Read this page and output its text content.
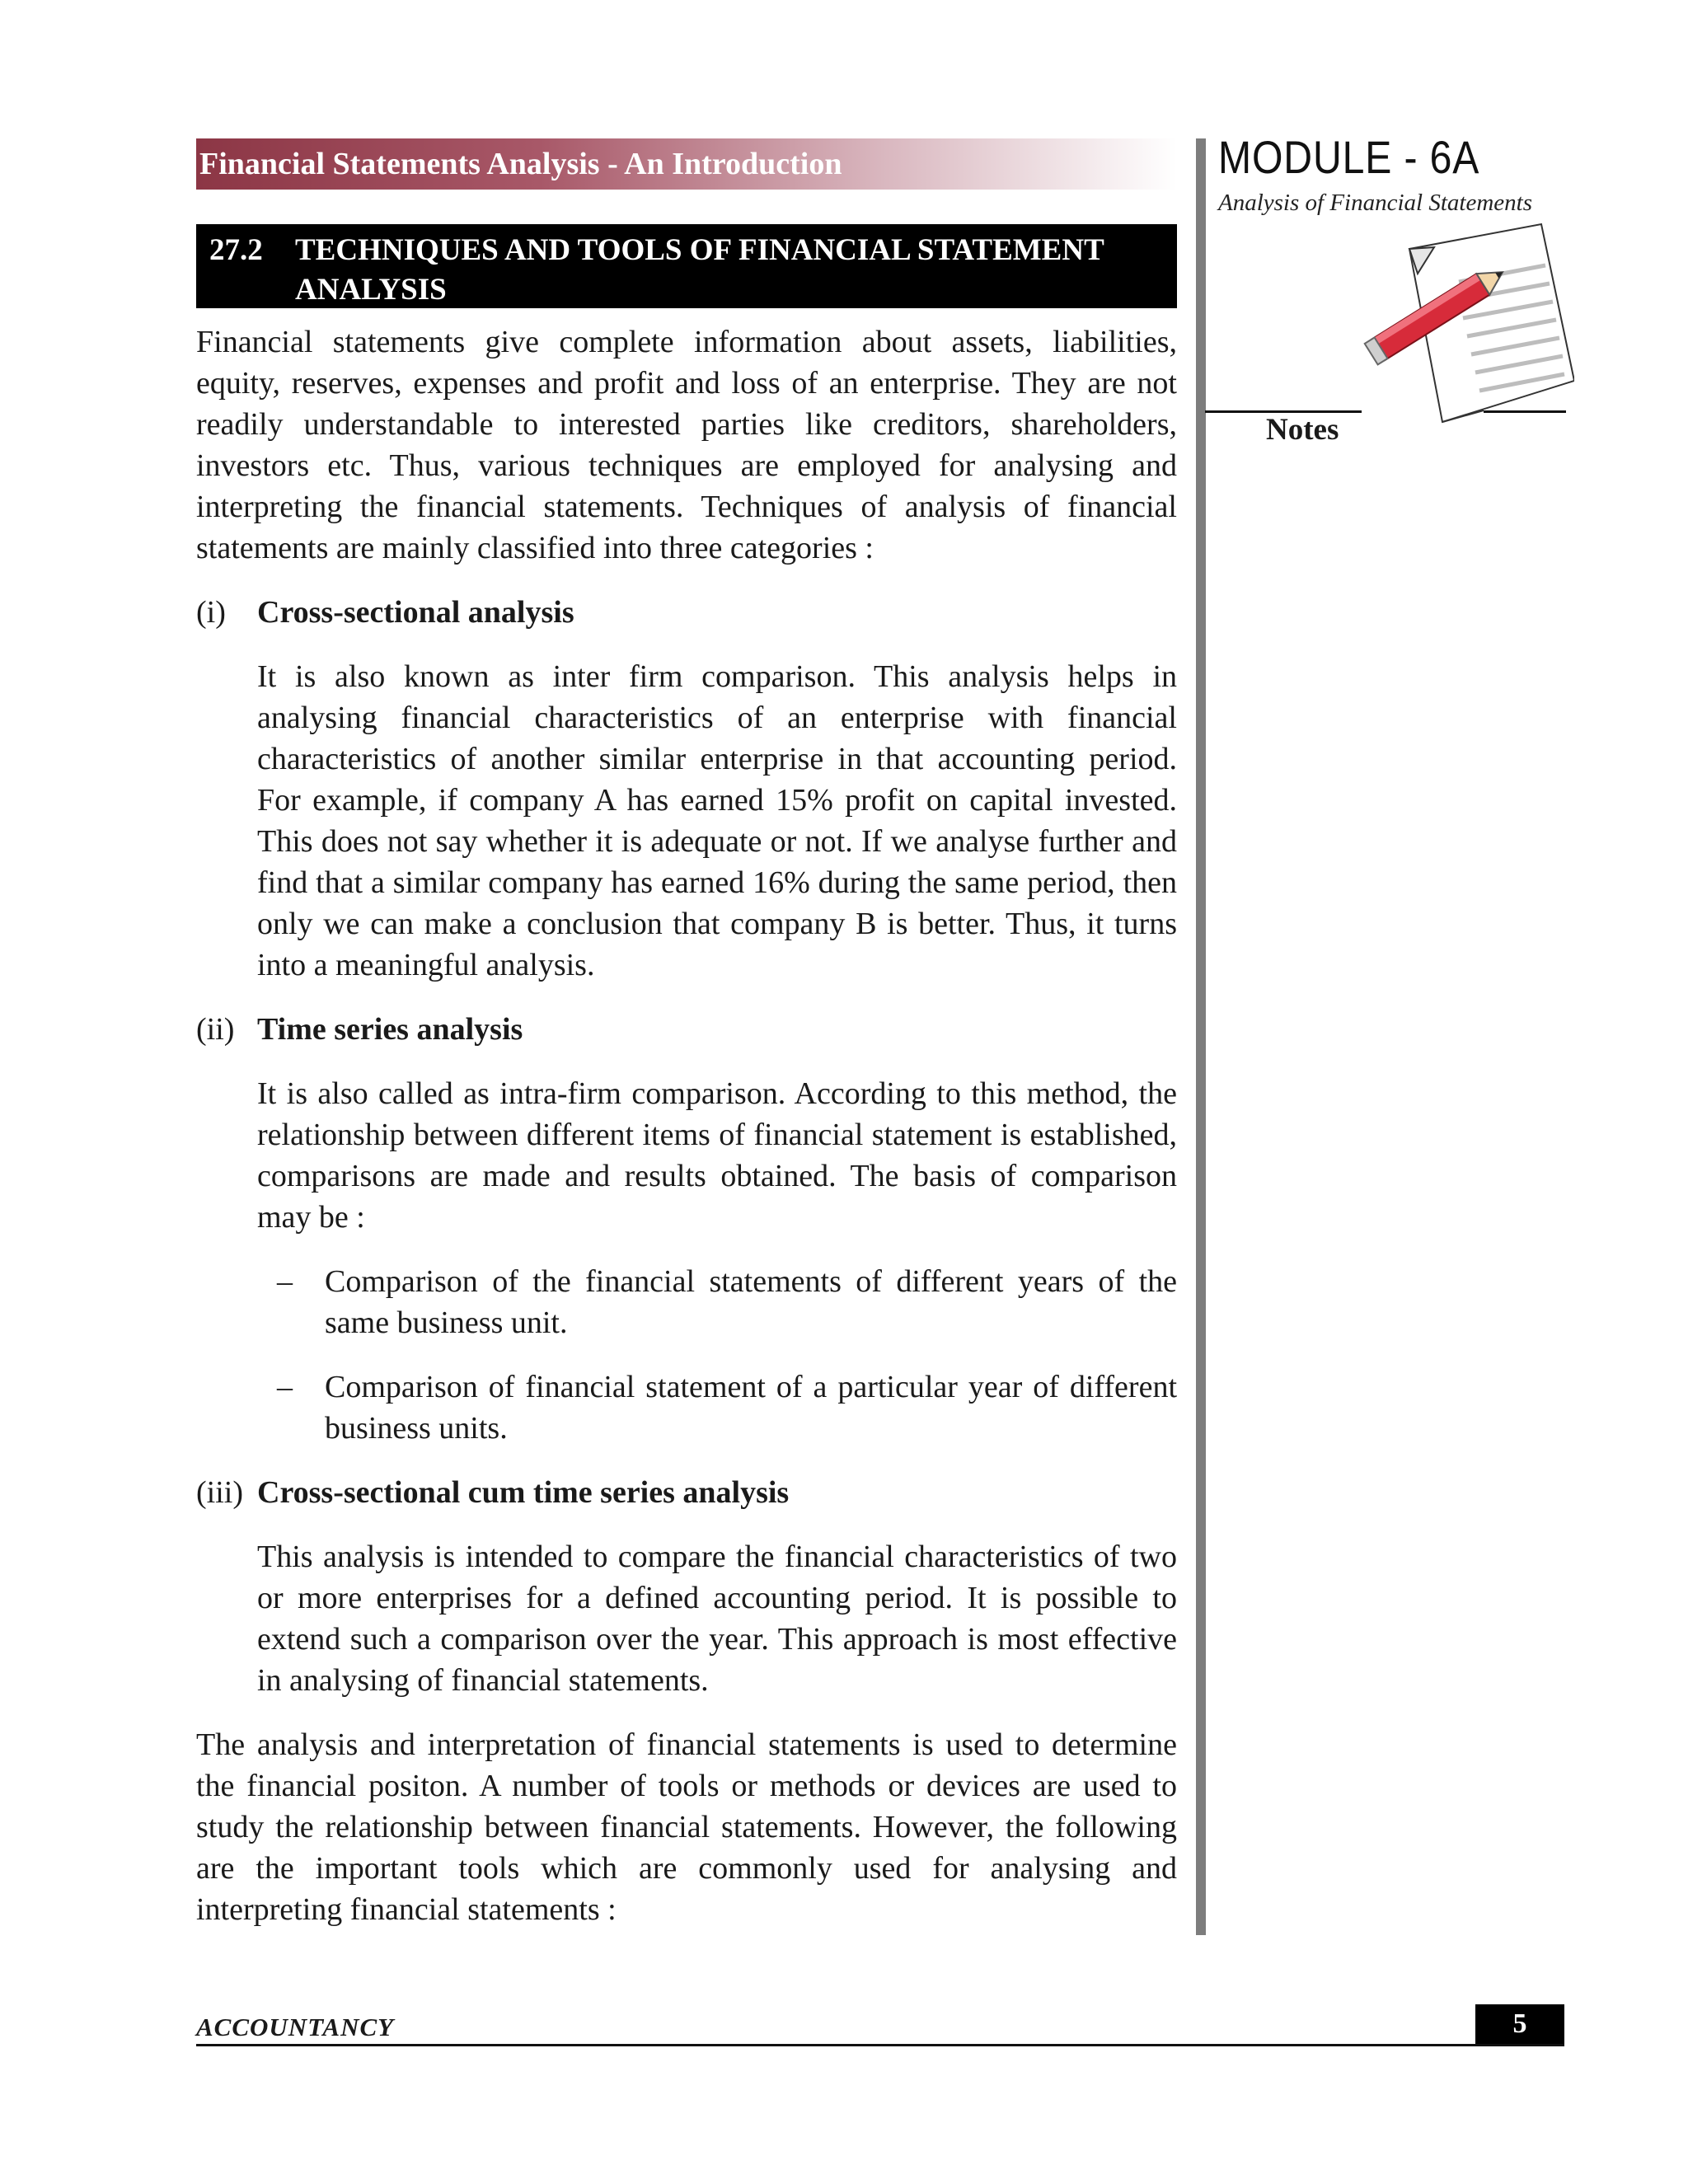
Financial Statements Analysis - An Introduction	MODULE - 6A
Analysis of Financial Statements
Notes
27.2 TECHNIQUES AND TOOLS OF FINANCIAL STATEMENT ANALYSIS

Financial statements give complete information about assets, liabilities, equity, reserves, expenses and profit and loss of an enterprise. They are not readily understandable to interested parties like creditors, shareholders, investors etc. Thus, various techniques are employed for analysing and interpreting the financial statements. Techniques of analysis of financial statements are mainly classified into three categories :

(i) Cross-sectional analysis

It is also known as inter firm comparison. This analysis helps in analysing financial characteristics of an enterprise with financial characteristics of another similar enterprise in that accounting period. For example, if company A has earned 15% profit on capital invested. This does not say whether it is adequate or not. If we analyse further and find that a similar company has earned 16% during the same period, then only we can make a conclusion that company B is better. Thus, it turns into a meaningful analysis.

(ii) Time series analysis

It is also called as intra-firm comparison. According to this method, the relationship between different items of financial statement is established, comparisons are made and results obtained. The basis of comparison may be :

– Comparison of the financial statements of different years of the same business unit.

– Comparison of financial statement of a particular year of different business units.

(iii) Cross-sectional cum time series analysis

This analysis is intended to compare the financial characteristics of two or more enterprises for a defined accounting period. It is possible to extend such a comparison over the year. This approach is most effective in analysing of financial statements.

The analysis and interpretation of financial statements is used to determine the financial positon. A number of tools or methods or devices are used to study the relationship between financial statements. However, the following are the important tools which are commonly used for analysing and interpreting financial statements :

ACCOUNTANCY	5
